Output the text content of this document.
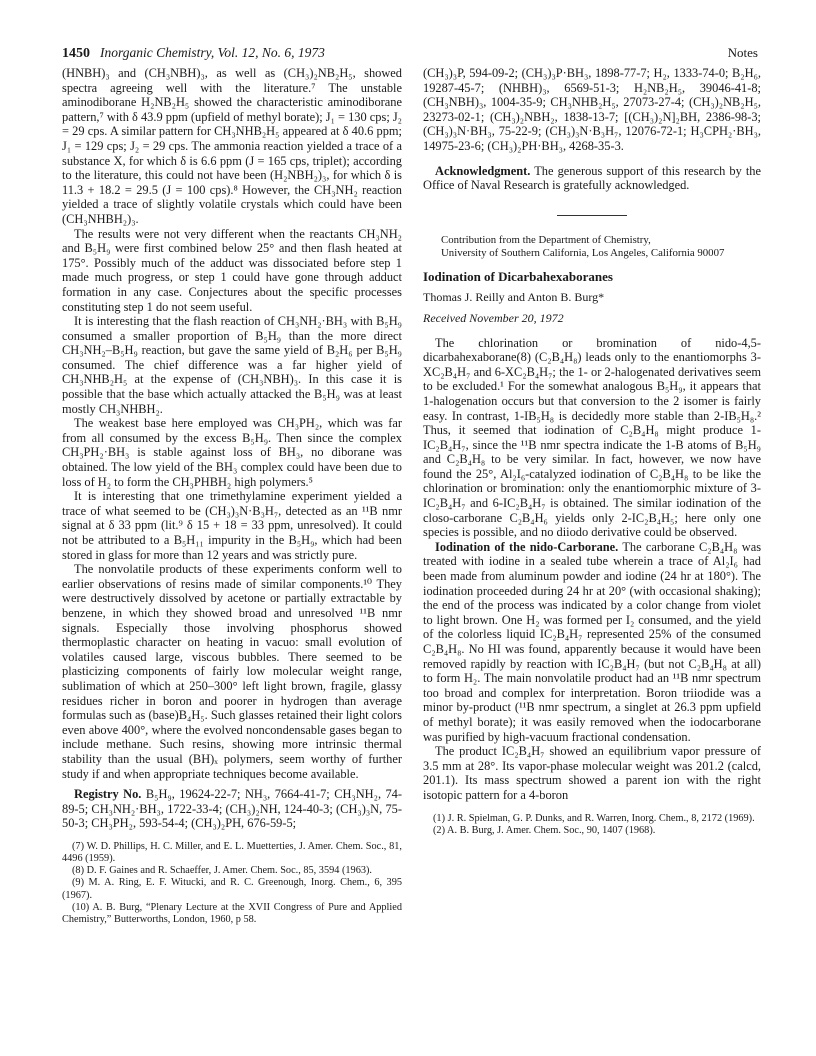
1450 Inorganic Chemistry, Vol. 12, No. 6, 1973	Notes

(HNBH)₃ and (CH₃NBH)₃, as well as (CH₃)₂NB₂H₅, showed spectra agreeing well with the literature.⁷ The unstable aminodiborane H₂NB₂H₅ showed the characteristic aminodiborane pattern,⁷ with δ 43.9 ppm (upfield of methyl borate); J₁ = 130 cps; J₂ = 29 cps. A similar pattern for CH₃NHB₂H₅ appeared at δ 40.6 ppm; J₁ = 129 cps; J₂ = 29 cps. The ammonia reaction yielded a trace of a substance X, for which δ is 6.6 ppm (J = 165 cps, triplet); according to the literature, this could not have been (H₂NBH₂)₃, for which δ is 11.3 + 18.2 = 29.5 (J = 100 cps).⁸ However, the CH₃NH₂ reaction yielded a trace of slightly volatile crystals which could have been (CH₃NHBH₂)₃.

The results were not very different when the reactants CH₃NH₂ and B₅H₉ were first combined below 25° and then flash heated at 175°. Possibly much of the adduct was dissociated before step 1 made much progress, or step 1 could have gone through adduct formation in any case. Conjectures about the specific processes constituting step 1 do not seem useful.

It is interesting that the flash reaction of CH₃NH₂·BH₃ with B₅H₉ consumed a smaller proportion of B₅H₉ than the more direct CH₃NH₂–B₅H₉ reaction, but gave the same yield of B₂H₆ per B₅H₉ consumed. The chief difference was a far higher yield of CH₃NHB₂H₅ at the expense of (CH₃NBH)₃. In this case it is possible that the base which actually attacked the B₅H₉ was at least mostly CH₃NHBH₂.

The weakest base here employed was CH₃PH₂, which was far from all consumed by the excess B₅H₉. Then since the complex CH₃PH₂·BH₃ is stable against loss of BH₃, no diborane was obtained. The low yield of the BH₃ complex could have been due to loss of H₂ to form the CH₃PHBH₂ high polymers.⁵

It is interesting that one trimethylamine experiment yielded a trace of what seemed to be (CH₃)₃N·B₃H₇, detected as an ¹¹B nmr signal at δ 33 ppm (lit.⁹ δ 15 + 18 = 33 ppm, unresolved). It could not be attributed to a B₅H₁₁ impurity in the B₅H₉, which had been stored in glass for more than 12 years and was strictly pure.

The nonvolatile products of these experiments conform well to earlier observations of resins made of similar components.¹⁰ They were destructively dissolved by acetone or partially extractable by benzene, in which they showed broad and unresolved ¹¹B nmr signals. Especially those involving phosphorus showed thermoplastic character on heating in vacuo: small evolution of volatiles caused large, viscous bubbles. There seemed to be plasticizing components of fairly low molecular weight range, sublimation of which at 250–300° left light brown, fragile, glassy residues richer in boron and poorer in hydrogen than average formulas such as (base)B₄H₅. Such glasses retained their light colors even above 400°, where the evolved noncondensable gases began to include methane. Such resins, showing more intrinsic thermal stability than the usual (BH)ₓ polymers, seem worthy of further study if and when appropriate techniques become available.

Registry No. B₅H₉, 19624-22-7; NH₃, 7664-41-7; CH₃NH₂, 74-89-5; CH₃NH₂·BH₃, 1722-33-4; (CH₃)₂NH, 124-40-3; (CH₃)₃N, 75-50-3; CH₃PH₂, 593-54-4; (CH₃)₂PH, 676-59-5;

(7) W. D. Phillips, H. C. Miller, and E. L. Muetterties, J. Amer. Chem. Soc., 81, 4496 (1959).

(8) D. F. Gaines and R. Schaeffer, J. Amer. Chem. Soc., 85, 3594 (1963).

(9) M. A. Ring, E. F. Witucki, and R. C. Greenough, Inorg. Chem., 6, 395 (1967).

(10) A. B. Burg, “Plenary Lecture at the XVII Congress of Pure and Applied Chemistry,” Butterworths, London, 1960, p 58.

(CH₃)₃P, 594-09-2; (CH₃)₃P·BH₃, 1898-77-7; H₂, 1333-74-0; B₂H₆, 19287-45-7; (NHBH)₃, 6569-51-3; H₂NB₂H₅, 39046-41-8; (CH₃NBH)₃, 1004-35-9; CH₃NHB₂H₅, 27073-27-4; (CH₃)₂NB₂H₅, 23273-02-1; (CH₃)₂NBH₂, 1838-13-7; [(CH₃)₂N]₂BH, 2386-98-3; (CH₃)₃N·BH₃, 75-22-9; (CH₃)₃N·B₃H₇, 12076-72-1; H₃CPH₂·BH₃, 14975-23-6; (CH₃)₂PH·BH₃, 4268-35-3.

Acknowledgment. The generous support of this research by the Office of Naval Research is gratefully acknowledged.

Contribution from the Department of Chemistry,

University of Southern California, Los Angeles, California 90007

Iodination of Dicarbahexaboranes

Thomas J. Reilly and Anton B. Burg*

Received November 20, 1972

The chlorination or bromination of nido-4,5-dicarbahexaborane(8) (C₂B₄H₈) leads only to the enantiomorphs 3-XC₂B₄H₇ and 6-XC₂B₄H₇; the 1- or 2-halogenated derivatives seem to be excluded.¹ For the somewhat analogous B₅H₉, it appears that 1-halogenation occurs but that conversion to the 2 isomer is fairly easy. In contrast, 1-IB₅H₈ is decidedly more stable than 2-IB₅H₈.² Thus, it seemed that iodination of C₂B₄H₈ might produce 1-IC₂B₄H₇, since the ¹¹B nmr spectra indicate the 1-B atoms of B₅H₉ and C₂B₄H₈ to be very similar. In fact, however, we now have found the 25°, Al₂I₆-catalyzed iodination of C₂B₄H₈ to be like the chlorination or bromination: only the enantiomorphic mixture of 3-IC₂B₄H₇ and 6-IC₂B₄H₇ is obtained. The similar iodination of the closo-carborane C₂B₄H₆ yields only 2-IC₂B₄H₅; here only one species is possible, and no diiodo derivative could be observed.

Iodination of the nido-Carborane. The carborane C₂B₄H₈ was treated with iodine in a sealed tube wherein a trace of Al₂I₆ had been made from aluminum powder and iodine (24 hr at 180°). The iodination proceeded during 24 hr at 20° (with occasional shaking); the end of the process was indicated by a color change from violet to light brown. One H₂ was formed per I₂ consumed, and the yield of the colorless liquid IC₂B₄H₇ represented 25% of the consumed C₂B₄H₈. No HI was found, apparently because it would have been removed rapidly by reaction with IC₂B₄H₇ (but not C₂B₄H₈ at all) to form H₂. The main nonvolatile product had an ¹¹B nmr spectrum too broad and complex for interpretation. Boron triiodide was a minor by-product (¹¹B nmr spectrum, a singlet at 26.3 ppm upfield of methyl borate); it was easily removed when the iodocarborane was purified by high-vacuum fractional condensation.

The product IC₂B₄H₇ showed an equilibrium vapor pressure of 3.5 mm at 28°. Its vapor-phase molecular weight was 201.2 (calcd, 201.1). Its mass spectrum showed a parent ion with the right isotopic pattern for a 4-boron

(1) J. R. Spielman, G. P. Dunks, and R. Warren, Inorg. Chem., 8, 2172 (1969).

(2) A. B. Burg, J. Amer. Chem. Soc., 90, 1407 (1968).
